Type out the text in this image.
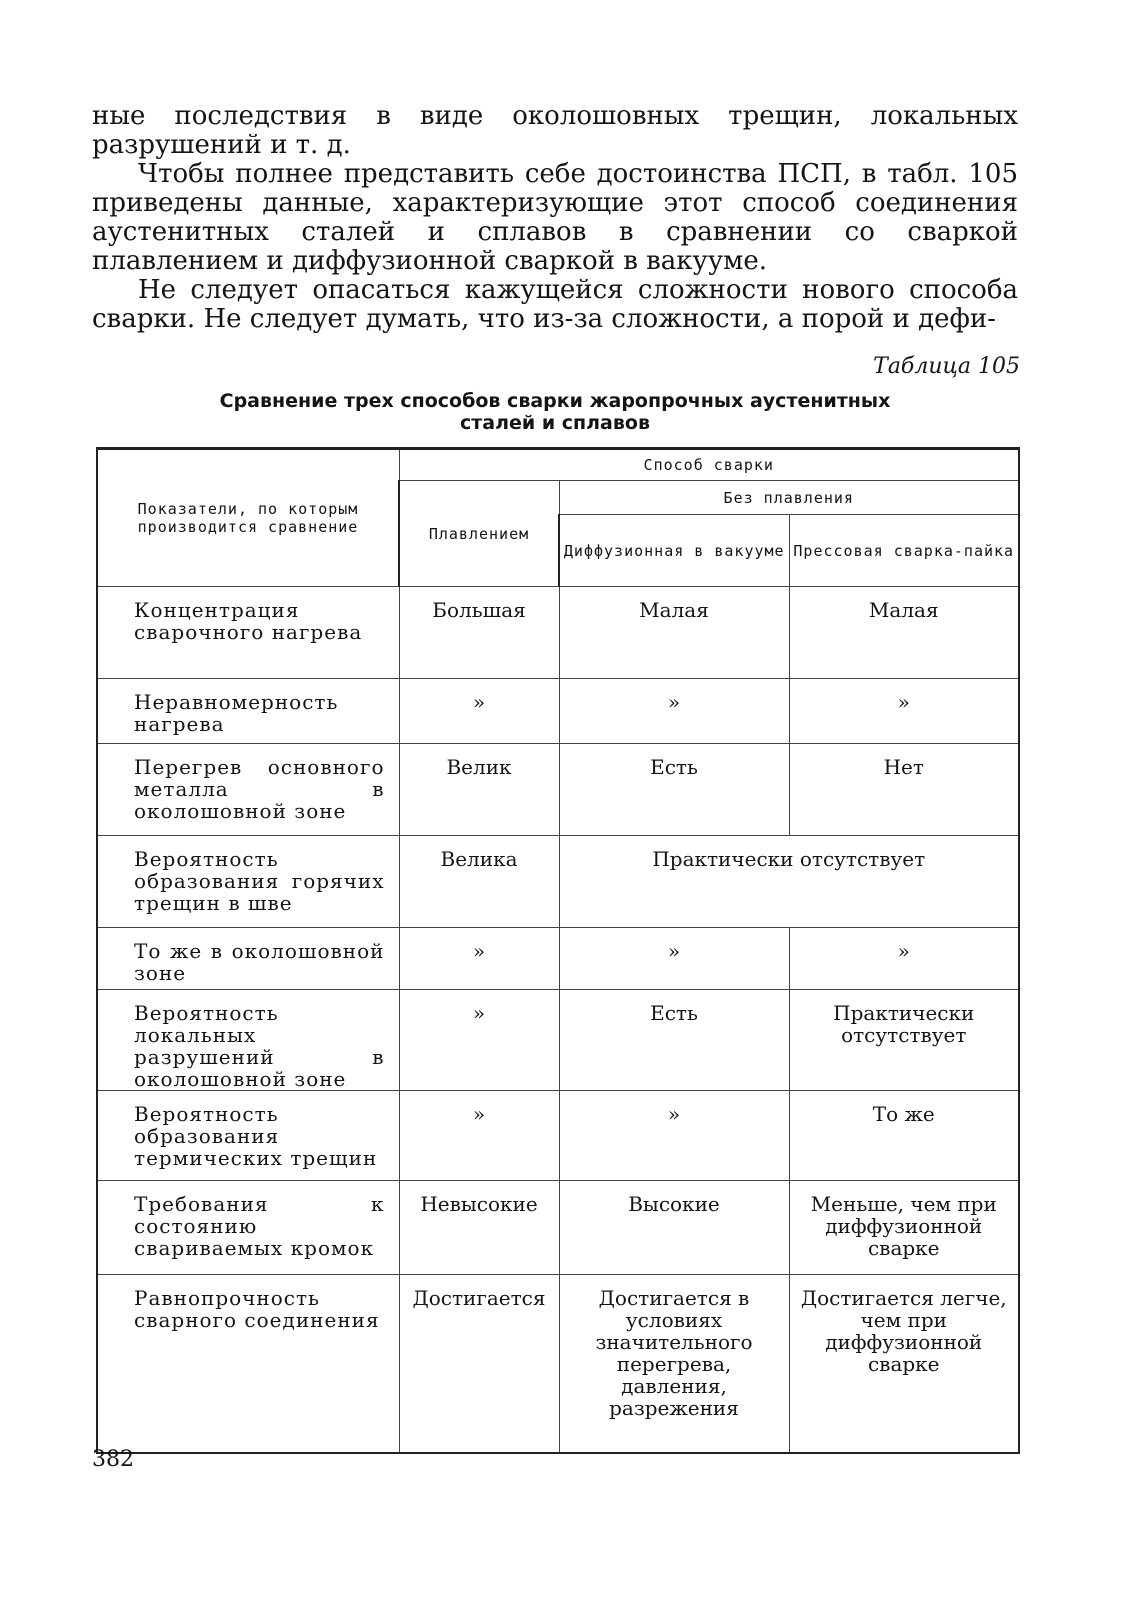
ные последствия в виде околошовных трещин, локальных разрушений и т. д.

Чтобы полнее представить себе достоинства ПСП, в табл. 105 приведены данные, характеризующие этот способ соединения аустенитных сталей и сплавов в сравнении со сваркой плавлением и диффузионной сваркой в вакууме.

Не следует опасаться кажущейся сложности нового способа сварки. Не следует думать, что из-за сложности, а порой и дефи-

Таблица 105
Сравнение трех способов сварки жаропрочных аустенитных
сталей и сплавов
Показатели, по которым производится сравнение	Способ сварки		
	Плавлением	Без плавления	
		Диффузионная в вакууме	Прессовая сварка-пайка
Концентрация сварочного нагрева	Большая	Малая	Малая
Неравномерность нагрева	»	»	»
Перегрев основного металла в околошовной зоне	Велик	Есть	Нет
Вероятность образования горячих трещин в шве	Велика	Практически отсутствует	
То же в околошовной зоне	»	»	»
Вероятность локальных разрушений в околошовной зоне	»	Есть	Практически отсутствует
Вероятность образования термических трещин	»	»	То же
Требования к состоянию свариваемых кромок	Невысокие	Высокие	Меньше, чем при диффузионной сварке
Равнопрочность сварного соединения	Достигается	Достигается в условиях значительного перегрева, давления, разрежения	Достигается легче, чем при диффузионной сварке
382
